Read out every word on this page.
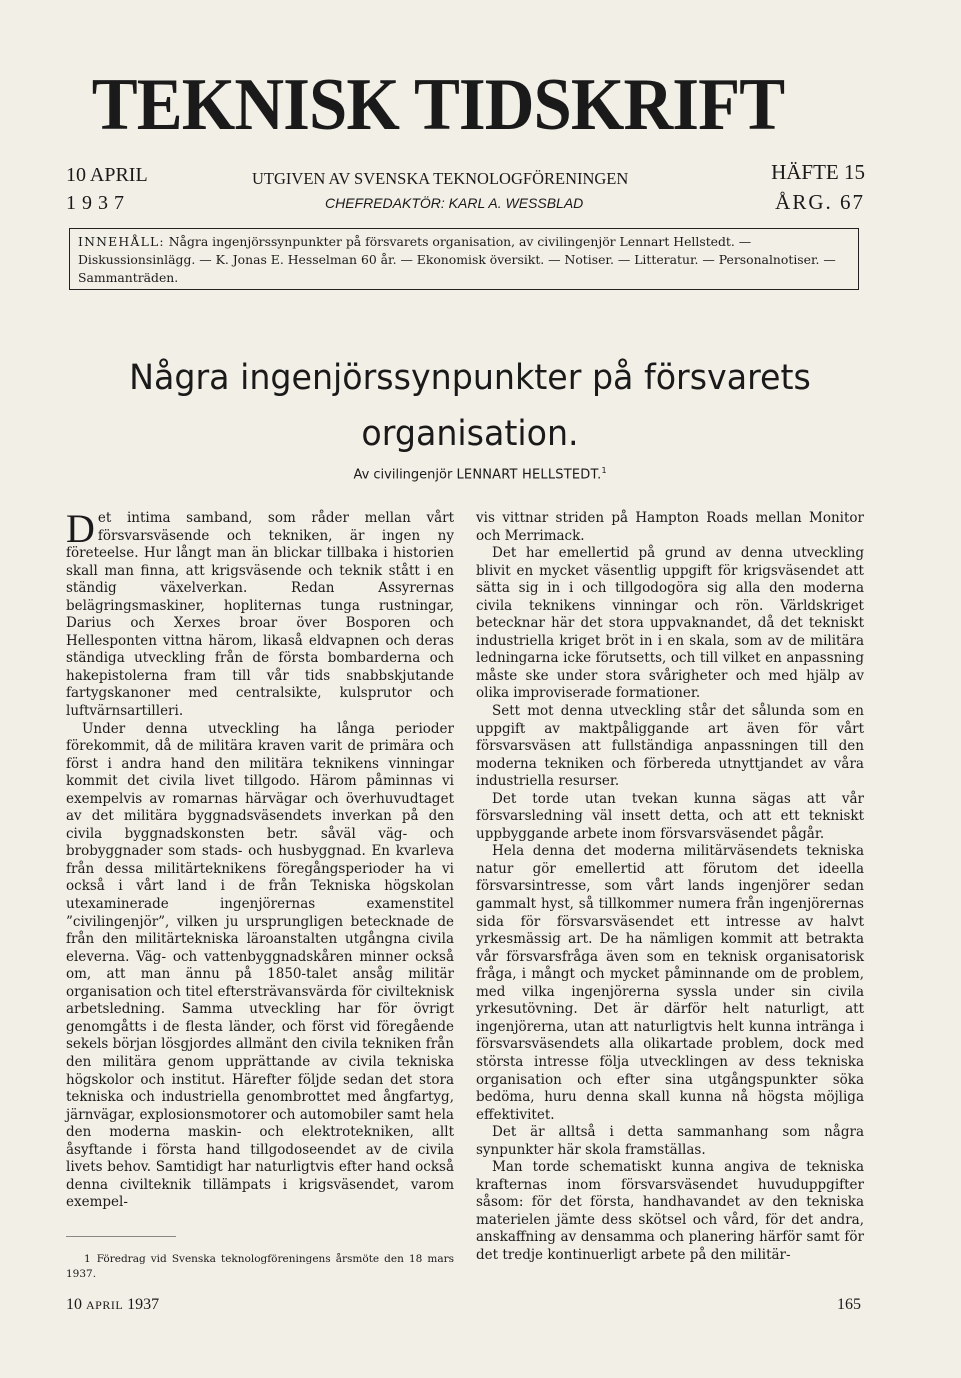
TEKNISK TIDSKRIFT
10 APRIL
1937
UTGIVEN AV SVENSKA TEKNOLOGFÖRENINGEN
CHEFREDAKTÖR: KARL A. WESSBLAD
HÄFTE 15
ÅRG. 67
INNEHÅLL: Några ingenjörssynpunkter på försvarets organisation, av civilingenjör Lennart Hellstedt. — Diskussionsinlägg. — K. Jonas E. Hesselman 60 år. — Ekonomisk översikt. — Notiser. — Litteratur. — Personalnotiser. — Sammanträden.
Några ingenjörssynpunkter på försvarets organisation.
Av civilingenjör LENNART HELLSTEDT.$^1$

Det intima samband, som råder mellan vårt försvarsväsende och tekniken, är ingen ny företeelse. Hur långt man än blickar tillbaka i historien skall man finna, att krigsväsende och teknik stått i en ständig växelverkan. Redan Assyrernas belägringsmaskiner, hopliternas tunga rustningar, Darius och Xerxes broar över Bosporen och Hellesponten vittna härom, likaså eldvapnen och deras ständiga utveckling från de första bombarderna och hakepistolerna fram till vår tids snabbskjutande fartygskanoner med centralsikte, kulsprutor och luftvärnsartilleri.

Under denna utveckling ha långa perioder förekommit, då de militära kraven varit de primära och först i andra hand den militära teknikens vinningar kommit det civila livet tillgodo. Härom påminnas vi exempelvis av romarnas härvägar och överhuvudtaget av det militära byggnadsväsendets inverkan på den civila byggnadskonsten betr. såväl väg- och brobyggnader som stads- och husbyggnad. En kvarleva från dessa militärteknikens föregångsperioder ha vi också i vårt land i de från Tekniska högskolan utexaminerade ingenjörernas examenstitel ”civilingenjör”, vilken ju ursprungligen betecknade de från den militärtekniska läroanstalten utgångna civila eleverna. Väg- och vattenbyggnadskåren minner också om, att man ännu på 1850-talet ansåg militär organisation och titel eftersträvansvärda för civilteknisk arbetsledning. Samma utveckling har för övrigt genomgåtts i de flesta länder, och först vid föregående sekels början lösgjordes allmänt den civila tekniken från den militära genom upprättande av civila tekniska högskolor och institut. Härefter följde sedan det stora tekniska och industriella genombrottet med ångfartyg, järnvägar, explosionsmotorer och automobiler samt hela den moderna maskin- och elektrotekniken, allt åsyftande i första hand tillgodoseendet av de civila livets behov. Samtidigt har naturligtvis efter hand också denna civilteknik tillämpats i krigsväsendet, varom exempel-

vis vittnar striden på Hampton Roads mellan Monitor och Merrimack.

Det har emellertid på grund av denna utveckling blivit en mycket väsentlig uppgift för krigsväsendet att sätta sig in i och tillgodogöra sig alla den moderna civila teknikens vinningar och rön. Världskriget betecknar här det stora uppvaknandet, då det tekniskt industriella kriget bröt in i en skala, som av de militära ledningarna icke förutsetts, och till vilket en anpassning måste ske under stora svårigheter och med hjälp av olika improviserade formationer.

Sett mot denna utveckling står det sålunda som en uppgift av maktpåliggande art även för vårt försvarsväsen att fullständiga anpassningen till den moderna tekniken och förbereda utnyttjandet av våra industriella resurser.

Det torde utan tvekan kunna sägas att vår försvarsledning väl insett detta, och att ett tekniskt uppbyggande arbete inom försvarsväsendet pågår.

Hela denna det moderna militärväsendets tekniska natur gör emellertid att förutom det ideella försvarsintresse, som vårt lands ingenjörer sedan gammalt hyst, så tillkommer numera från ingenjörernas sida för försvarsväsendet ett intresse av halvt yrkesmässig art. De ha nämligen kommit att betrakta vår försvarsfråga även som en teknisk organisatorisk fråga, i mångt och mycket påminnande om de problem, med vilka ingenjörerna syssla under sin civila yrkesutövning. Det är därför helt naturligt, att ingenjörerna, utan att naturligtvis helt kunna intränga i försvarsväsendets alla olikartade problem, dock med största intresse följa utvecklingen av dess tekniska organisation och efter sina utgångspunkter söka bedöma, huru denna skall kunna nå högsta möjliga effektivitet.

Det är alltså i detta sammanhang som några synpunkter här skola framställas.

Man torde schematiskt kunna angiva de tekniska krafternas inom försvarsväsendet huvuduppgifter såsom: för det första, handhavandet av den tekniska materielen jämte dess skötsel och vård, för det andra, anskaffning av densamma och planering härför samt för det tredje kontinuerligt arbete på den militär-

1 Föredrag vid Svenska teknologföreningens årsmöte den 18 mars 1937.
10 APRIL 1937	165
